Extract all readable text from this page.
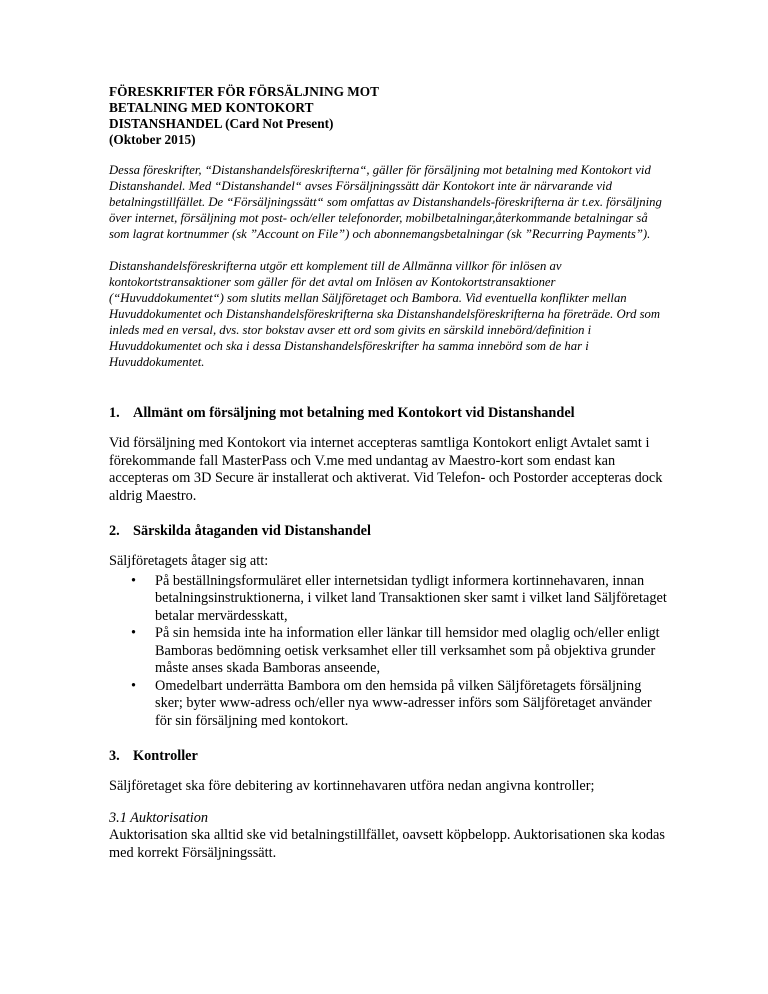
FÖRESKRIFTER FÖR FÖRSÄLJNING MOT
BETALNING MED KONTOKORT
DISTANSHANDEL (Card Not Present)
(Oktober 2015)

Dessa föreskrifter, “Distanshandelsföreskrifterna“, gäller för försäljning mot betalning med Kontokort vid Distanshandel. Med “Distanshandel“ avses Försäljningssätt där Kontokort inte är närvarande vid betalningstillfället. De “Försäljningssätt“ som omfattas av Distanshandels-föreskrifterna är t.ex. försäljning över internet, försäljning mot post- och/eller telefonorder, mobilbetalningar,återkommande betalningar så som lagrat kortnummer (sk ”Account on File”) och abonnemangsbetalningar (sk ”Recurring Payments”).

Distanshandelsföreskrifterna utgör ett komplement till de Allmänna villkor för inlösen av kontokortstransaktioner som gäller för det avtal om Inlösen av Kontokortstransaktioner (“Huvuddokumentet“) som slutits mellan Säljföretaget och Bambora. Vid eventuella konflikter mellan Huvuddokumentet och Distanshandelsföreskrifterna ska Distanshandelsföreskrifterna ha företräde. Ord som inleds med en versal, dvs. stor bokstav avser ett ord som givits en särskild innebörd/definition i Huvuddokumentet och ska i dessa Distanshandelsföreskrifter ha samma innebörd som de har i Huvuddokumentet.

1. Allmänt om försäljning mot betalning med Kontokort vid Distanshandel

Vid försäljning med Kontokort via internet accepteras samtliga Kontokort enligt Avtalet samt i förekommande fall MasterPass och V.me med undantag av Maestro-kort som endast kan accepteras om 3D Secure är installerat och aktiverat. Vid Telefon- och Postorder accepteras dock aldrig Maestro.

2. Särskilda åtaganden vid Distanshandel

Säljföretagets åtager sig att:

• På beställningsformuläret eller internetsidan tydligt informera kortinnehavaren, innan betalningsinstruktionerna, i vilket land Transaktionen sker samt i vilket land Säljföretaget betalar mervärdesskatt,
• På sin hemsida inte ha information eller länkar till hemsidor med olaglig och/eller enligt Bamboras bedömning oetisk verksamhet eller till verksamhet som på objektiva grunder måste anses skada Bamboras anseende,
• Omedelbart underrätta Bambora om den hemsida på vilken Säljföretagets försäljning sker; byter www-adress och/eller nya www-adresser införs som Säljföretaget använder för sin försäljning med kontokort.
3. Kontroller

Säljföretaget ska före debitering av kortinnehavaren utföra nedan angivna kontroller;

3.1 Auktorisation

Auktorisation ska alltid ske vid betalningstillfället, oavsett köpbelopp. Auktorisationen ska kodas med korrekt Försäljningssätt.
